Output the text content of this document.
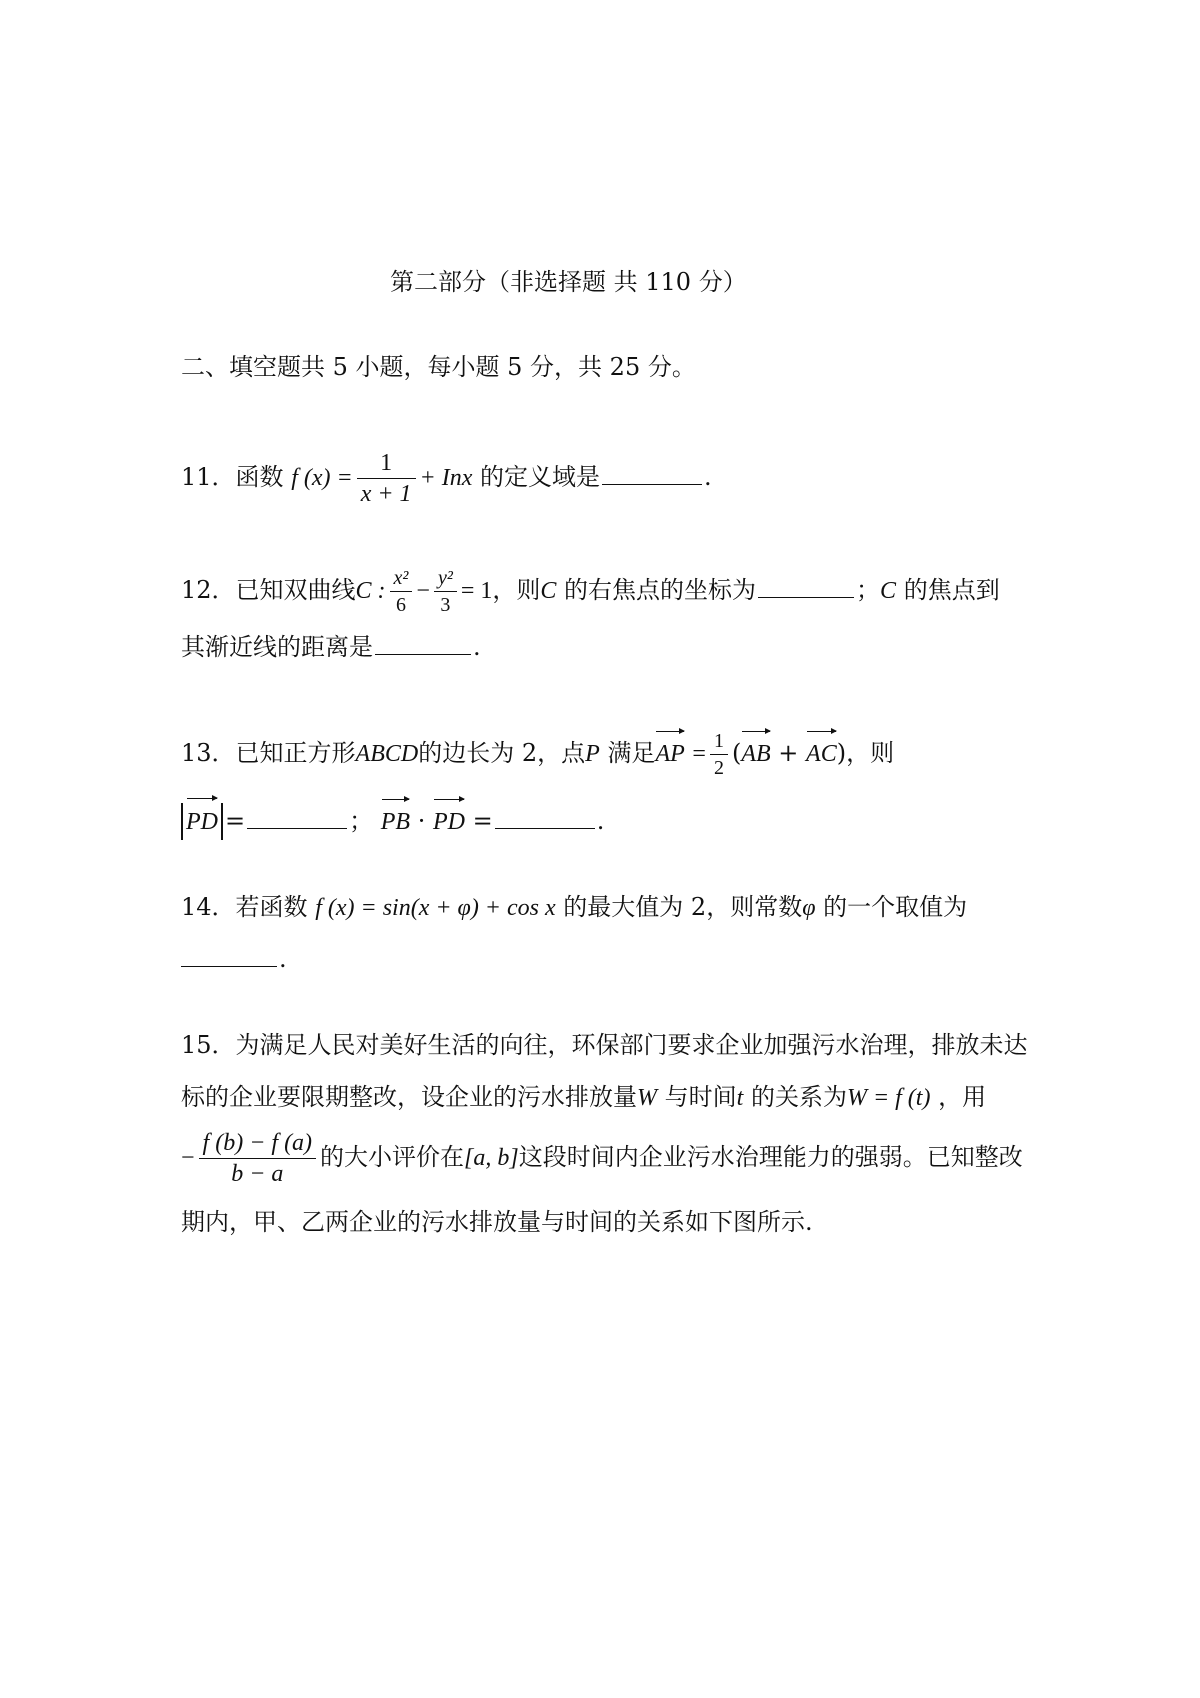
第二部分（非选择题 共 110 分）
二、填空题共 5 小题，每小题 5 分，共 25 分。
11．函数 f $(x) = \frac{1}{x + 1}$ + Inx 的定义域是	.
12．已知双曲线C : $\frac{\text{x²}}{6} - \frac{\text{y²}}{3} = 1$，则C 的右焦点的坐标为	；C 的焦点到
其渐近线的距离是	.
13．已知正方形ABCD的边长为 2，点P 满足AP = $\frac{1}{2} (AB + AC)$，则
PD =	； PB · PD =	.
14．若函数 f (x) = sin(x + φ) + cos x 的最大值为 2，则常数φ 的一个取值为
.
15．为满足人民对美好生活的向往，环保部门要求企业加强污水治理，排放未达
标的企业要限期整改，设企业的污水排放量W 与时间t 的关系为W = f (t) ，用
− $\frac{f (b) - f (a)}{b - a}$ 的大小评价在[a, b]这段时间内企业污水治理能力的强弱。已知整改
期内，甲、乙两企业的污水排放量与时间的关系如下图所示.
